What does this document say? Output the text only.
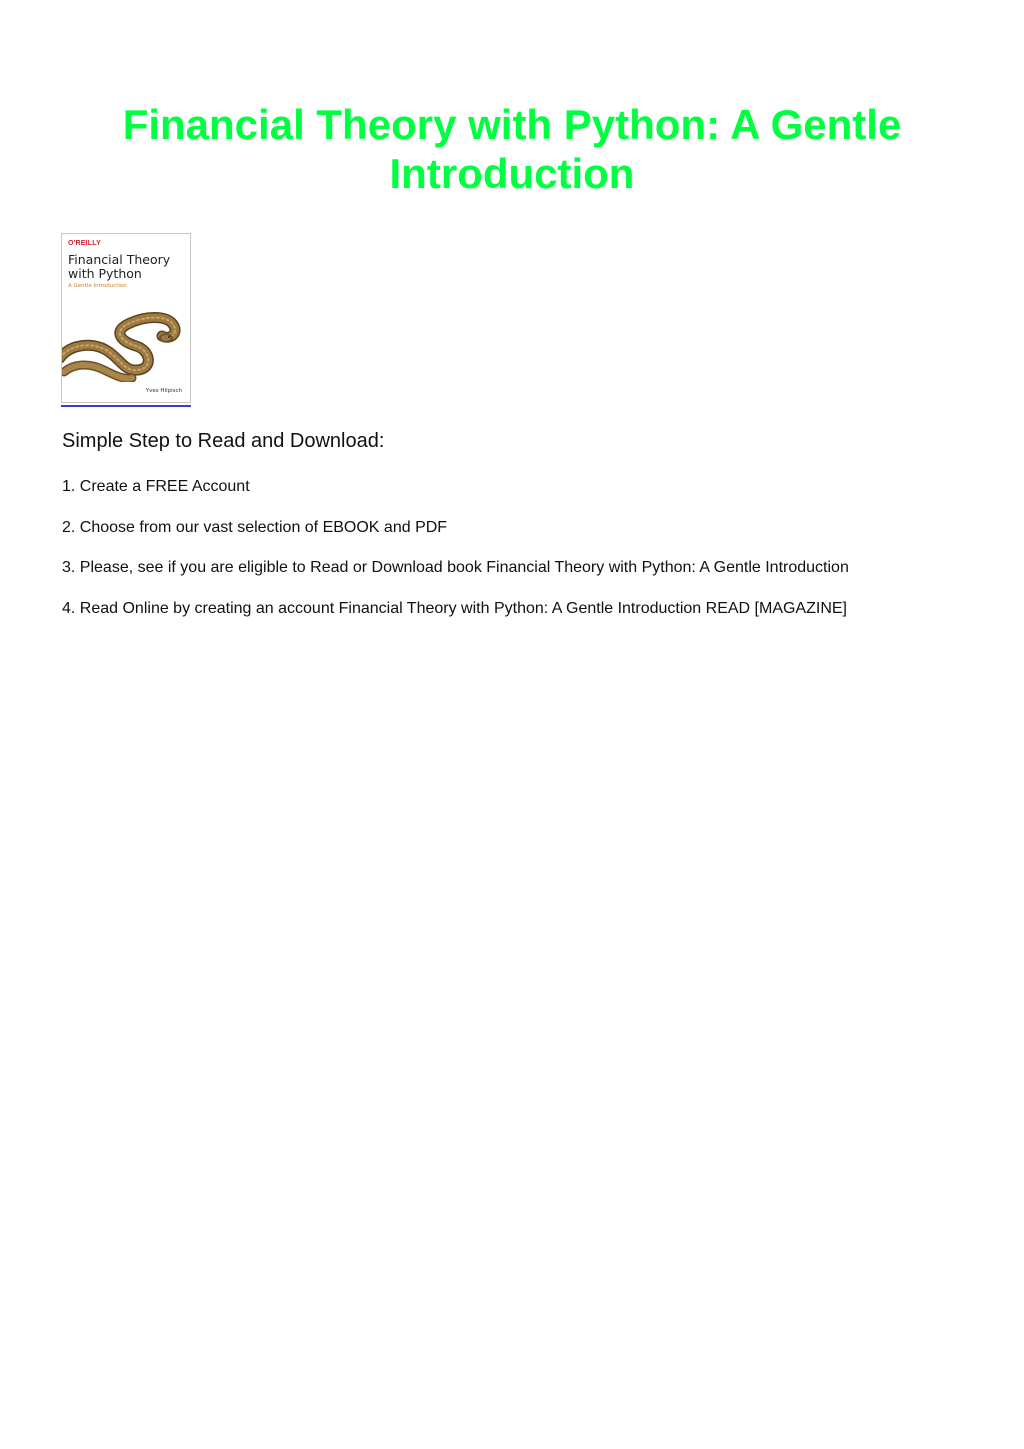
Financial Theory with Python: A Gentle Introduction
O'REILLY
Financial Theory with Python
A Gentle Introduction
Yves Hilpisch
Simple Step to Read and Download:
1. Create a FREE Account
2. Choose from our vast selection of EBOOK and PDF
3. Please, see if you are eligible to Read or Download book Financial Theory with Python: A Gentle Introduction
4. Read Online by creating an account Financial Theory with Python: A Gentle Introduction READ [MAGAZINE]
